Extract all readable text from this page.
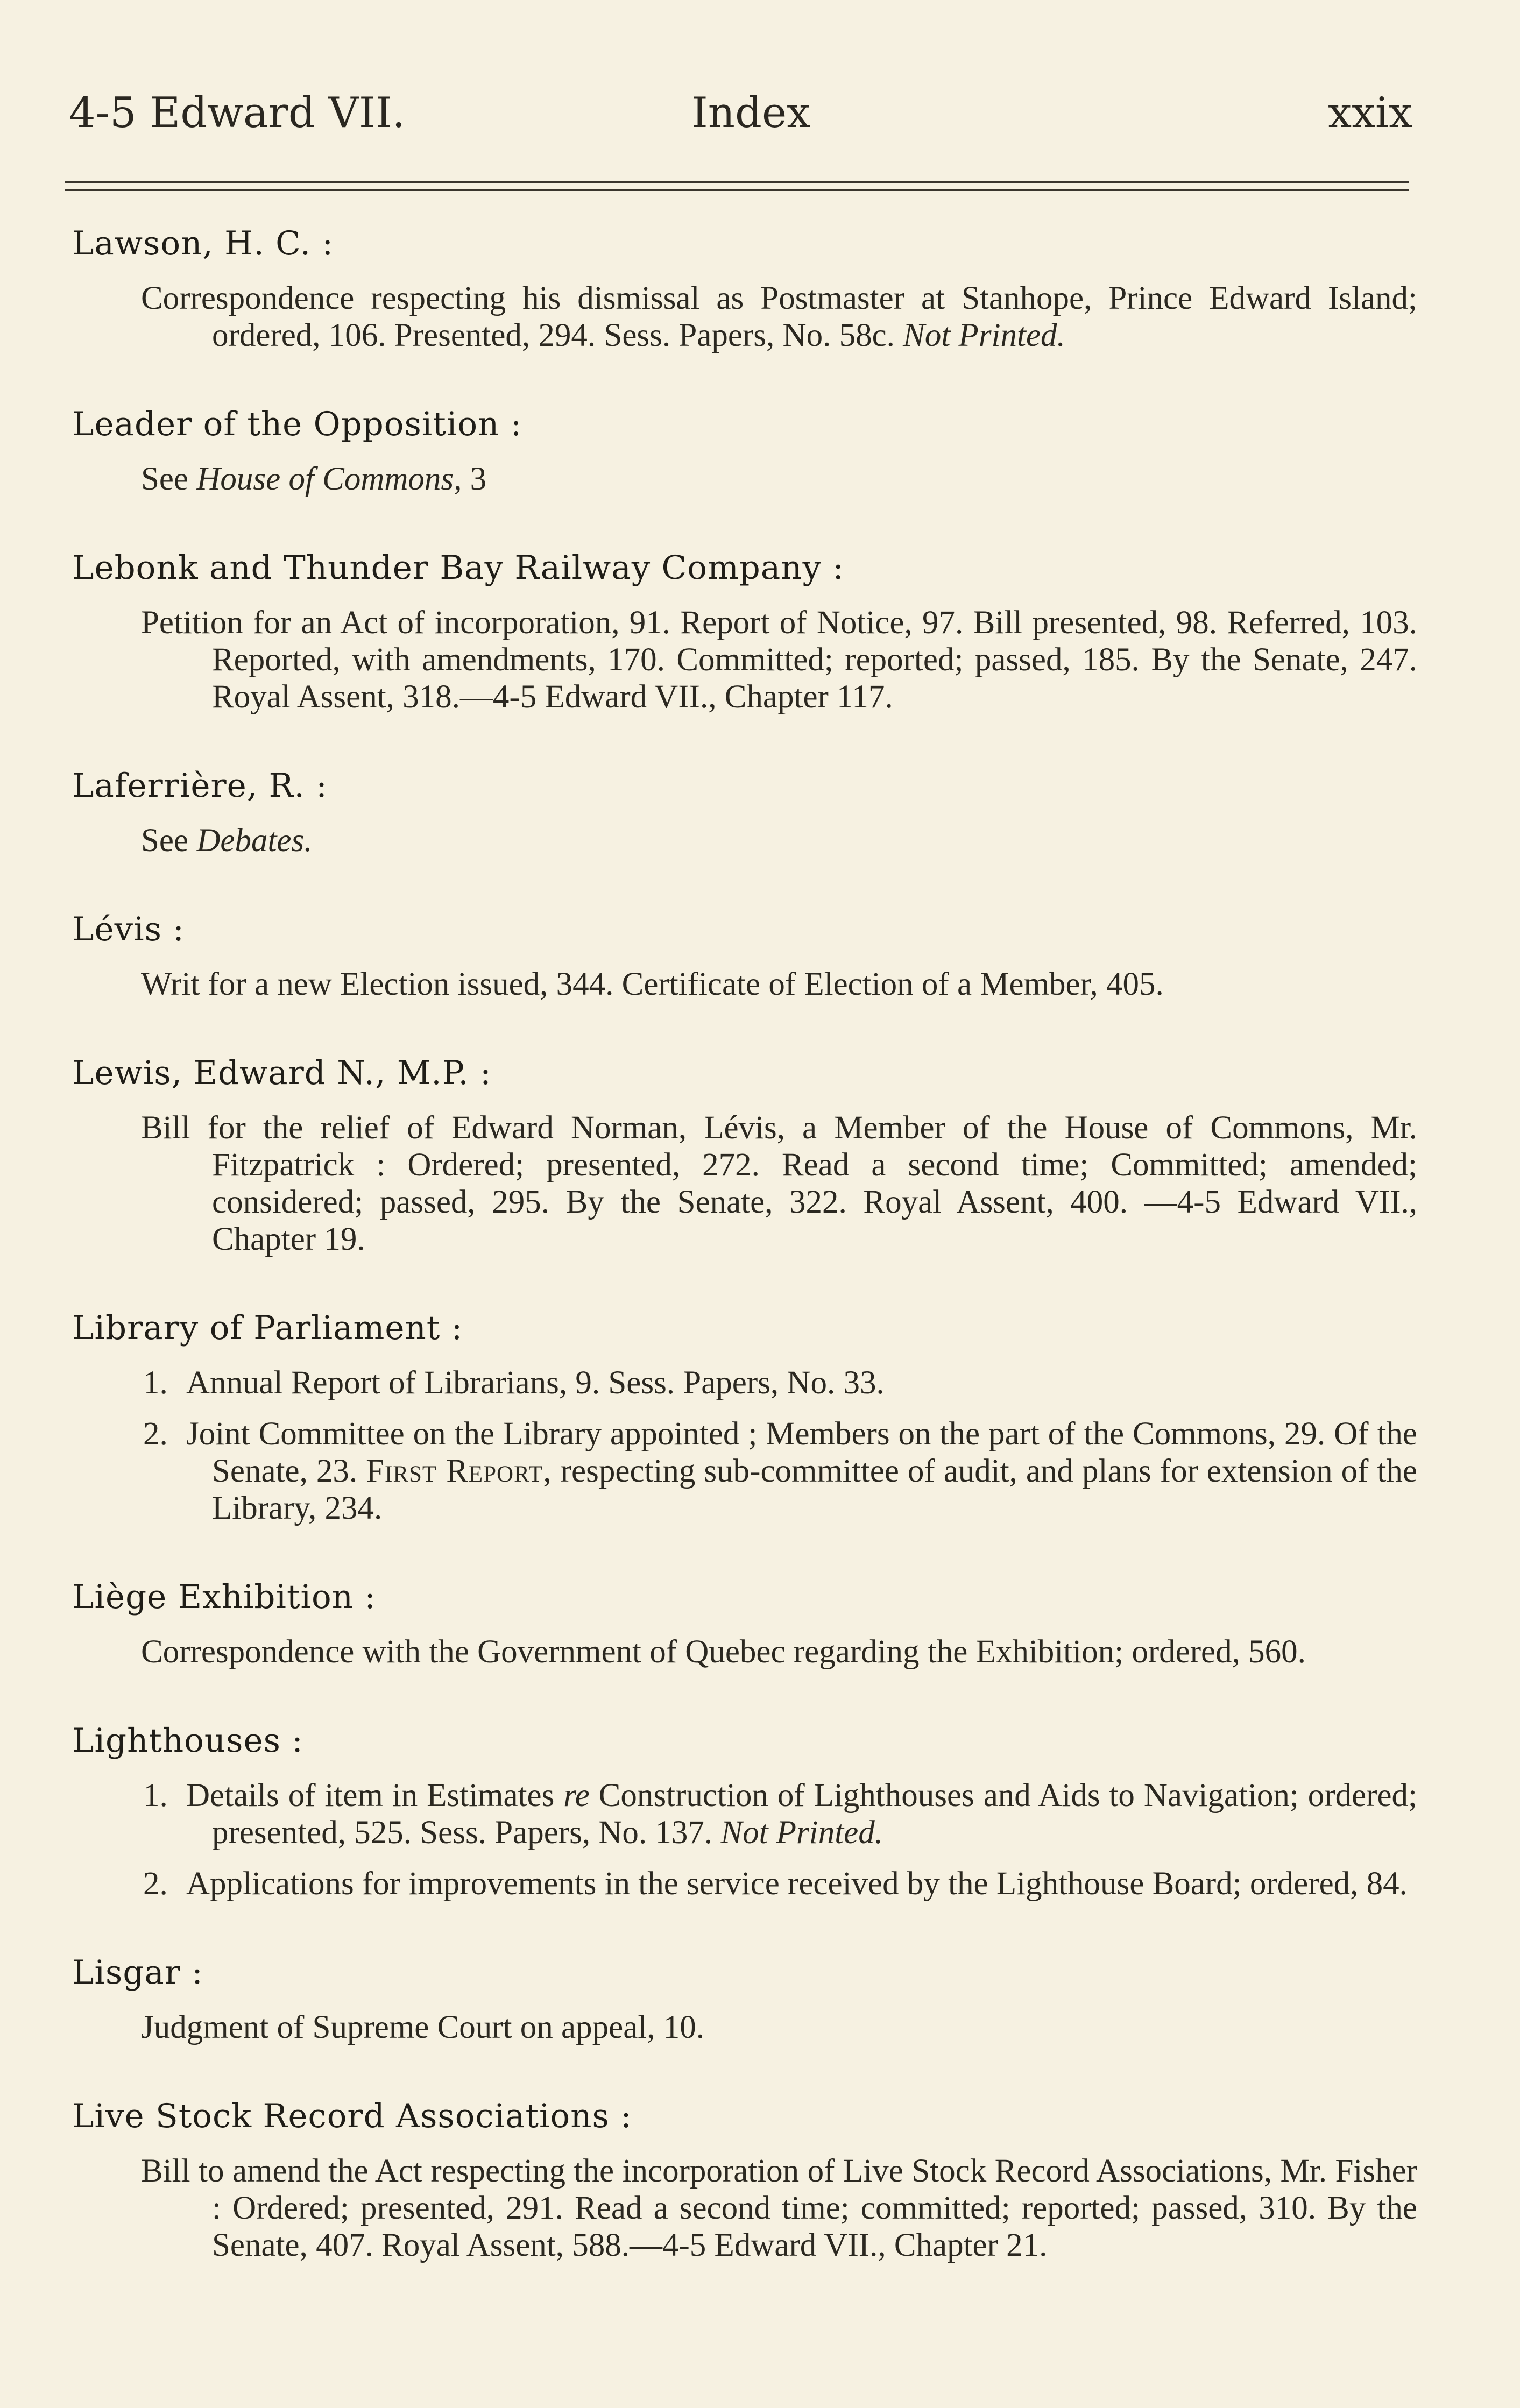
4-5 Edward VII.	Index	xxix
Lawson, H. C. :
Correspondence respecting his dismissal as Postmaster at Stanhope, Prince Edward Island; ordered, 106. Presented, 294. Sess. Papers, No. 58c. Not Printed.
Leader of the Opposition :
See House of Commons, 3
Lebonk and Thunder Bay Railway Company :
Petition for an Act of incorporation, 91. Report of Notice, 97. Bill presented, 98. Referred, 103. Reported, with amendments, 170. Committed; reported; passed, 185. By the Senate, 247. Royal Assent, 318.—4-5 Edward VII., Chapter 117.
Laferrière, R. :
See Debates.
Lévis :
Writ for a new Election issued, 344. Certificate of Election of a Member, 405.
Lewis, Edward N., M.P. :
Bill for the relief of Edward Norman, Lévis, a Member of the House of Commons, Mr. Fitzpatrick : Ordered; presented, 272. Read a second time; Committed; amended; considered; passed, 295. By the Senate, 322. Royal Assent, 400. —4-5 Edward VII., Chapter 19.
Library of Parliament :
1. Annual Report of Librarians, 9. Sess. Papers, No. 33.
2. Joint Committee on the Library appointed ; Members on the part of the Commons, 29. Of the Senate, 23. First Report, respecting sub-committee of audit, and plans for extension of the Library, 234.
Liège Exhibition :
Correspondence with the Government of Quebec regarding the Exhibition; ordered, 560.
Lighthouses :
1. Details of item in Estimates re Construction of Lighthouses and Aids to Navigation; ordered; presented, 525. Sess. Papers, No. 137. Not Printed.
2. Applications for improvements in the service received by the Lighthouse Board; ordered, 84.
Lisgar :
Judgment of Supreme Court on appeal, 10.
Live Stock Record Associations :
Bill to amend the Act respecting the incorporation of Live Stock Record Associations, Mr. Fisher : Ordered; presented, 291. Read a second time; committed; reported; passed, 310. By the Senate, 407. Royal Assent, 588.—4-5 Edward VII., Chapter 21.
